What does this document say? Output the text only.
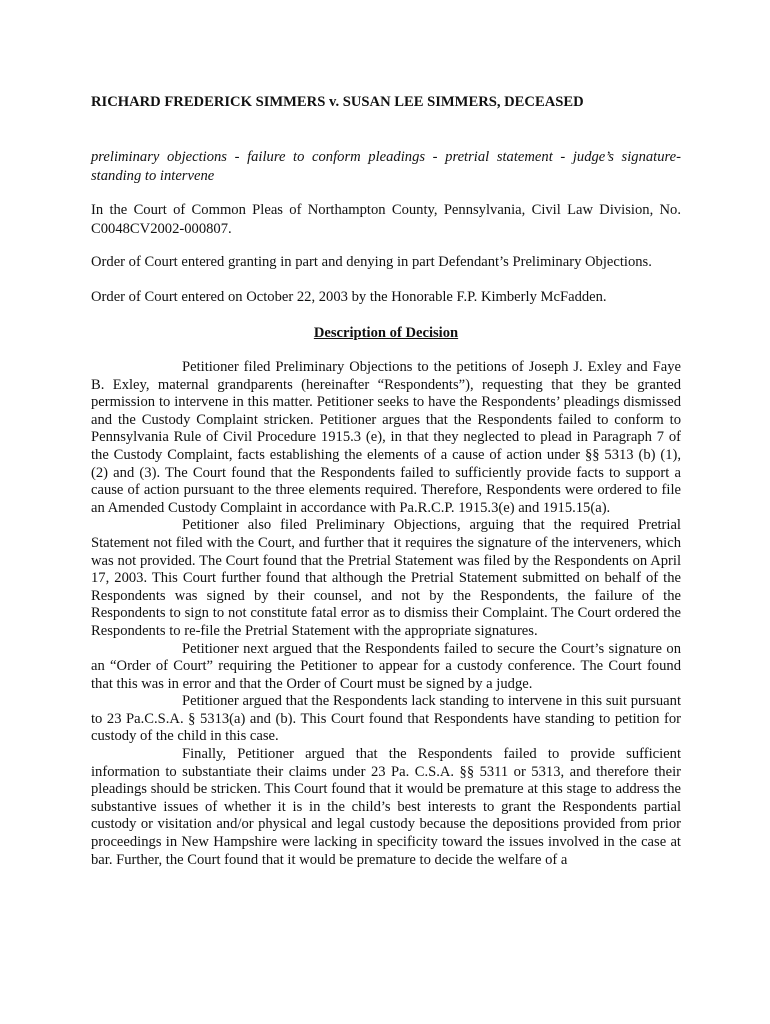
RICHARD FREDERICK SIMMERS v. SUSAN LEE SIMMERS, DECEASED
preliminary objections - failure to conform pleadings - pretrial statement - judge’s signature-standing to intervene
In the Court of Common Pleas of Northampton County, Pennsylvania, Civil Law Division, No. C0048CV2002-000807.
Order of Court entered granting in part and denying in part Defendant’s Preliminary Objections.
Order of Court entered on October 22, 2003 by the Honorable F.P. Kimberly McFadden.
Description of Decision

Petitioner filed Preliminary Objections to the petitions of Joseph J. Exley and Faye B. Exley, maternal grandparents (hereinafter “Respondents”), requesting that they be granted permission to intervene in this matter. Petitioner seeks to have the Respondents’ pleadings dismissed and the Custody Complaint stricken. Petitioner argues that the Respondents failed to conform to Pennsylvania Rule of Civil Procedure 1915.3 (e), in that they neglected to plead in Paragraph 7 of the Custody Complaint, facts establishing the elements of a cause of action under §§ 5313 (b) (1), (2) and (3). The Court found that the Respondents failed to sufficiently provide facts to support a cause of action pursuant to the three elements required. Therefore, Respondents were ordered to file an Amended Custody Complaint in accordance with Pa.R.C.P. 1915.3(e) and 1915.15(a).

Petitioner also filed Preliminary Objections, arguing that the required Pretrial Statement not filed with the Court, and further that it requires the signature of the interveners, which was not provided. The Court found that the Pretrial Statement was filed by the Respondents on April 17, 2003. This Court further found that although the Pretrial Statement submitted on behalf of the Respondents was signed by their counsel, and not by the Respondents, the failure of the Respondents to sign to not constitute fatal error as to dismiss their Complaint. The Court ordered the Respondents to re-file the Pretrial Statement with the appropriate signatures.

Petitioner next argued that the Respondents failed to secure the Court’s signature on an “Order of Court” requiring the Petitioner to appear for a custody conference. The Court found that this was in error and that the Order of Court must be signed by a judge.

Petitioner argued that the Respondents lack standing to intervene in this suit pursuant to 23 Pa.C.S.A. § 5313(a) and (b). This Court found that Respondents have standing to petition for custody of the child in this case.

Finally, Petitioner argued that the Respondents failed to provide sufficient information to substantiate their claims under 23 Pa. C.S.A. §§ 5311 or 5313, and therefore their pleadings should be stricken. This Court found that it would be premature at this stage to address the substantive issues of whether it is in the child’s best interests to grant the Respondents partial custody or visitation and/or physical and legal custody because the depositions provided from prior proceedings in New Hampshire were lacking in specificity toward the issues involved in the case at bar. Further, the Court found that it would be premature to decide the welfare of a
